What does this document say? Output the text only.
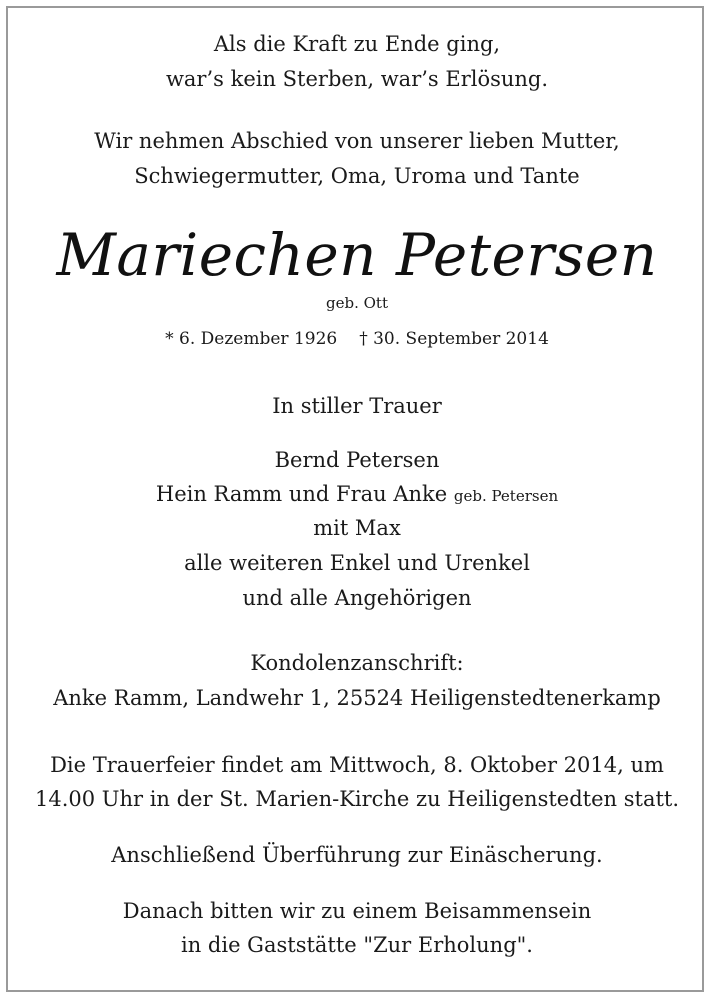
Als die Kraft zu Ende ging,
war’s kein Sterben, war’s Erlösung.
Wir nehmen Abschied von unserer lieben Mutter,
Schwiegermutter, Oma, Uroma und Tante
Mariechen Petersen
geb. Ott
* 6. Dezember 1926 † 30. September 2014
In stiller Trauer
Bernd Petersen
Hein Ramm und Frau Anke geb. Petersen
mit Max
alle weiteren Enkel und Urenkel
und alle Angehörigen
Kondolenzanschrift:
Anke Ramm, Landwehr 1, 25524 Heiligenstedtenerkamp
Die Trauerfeier findet am Mittwoch, 8. Oktober 2014, um
14.00 Uhr in der St. Marien-Kirche zu Heiligenstedten statt.
Anschließend Überführung zur Einäscherung.
Danach bitten wir zu einem Beisammensein
in die Gaststätte "Zur Erholung".
